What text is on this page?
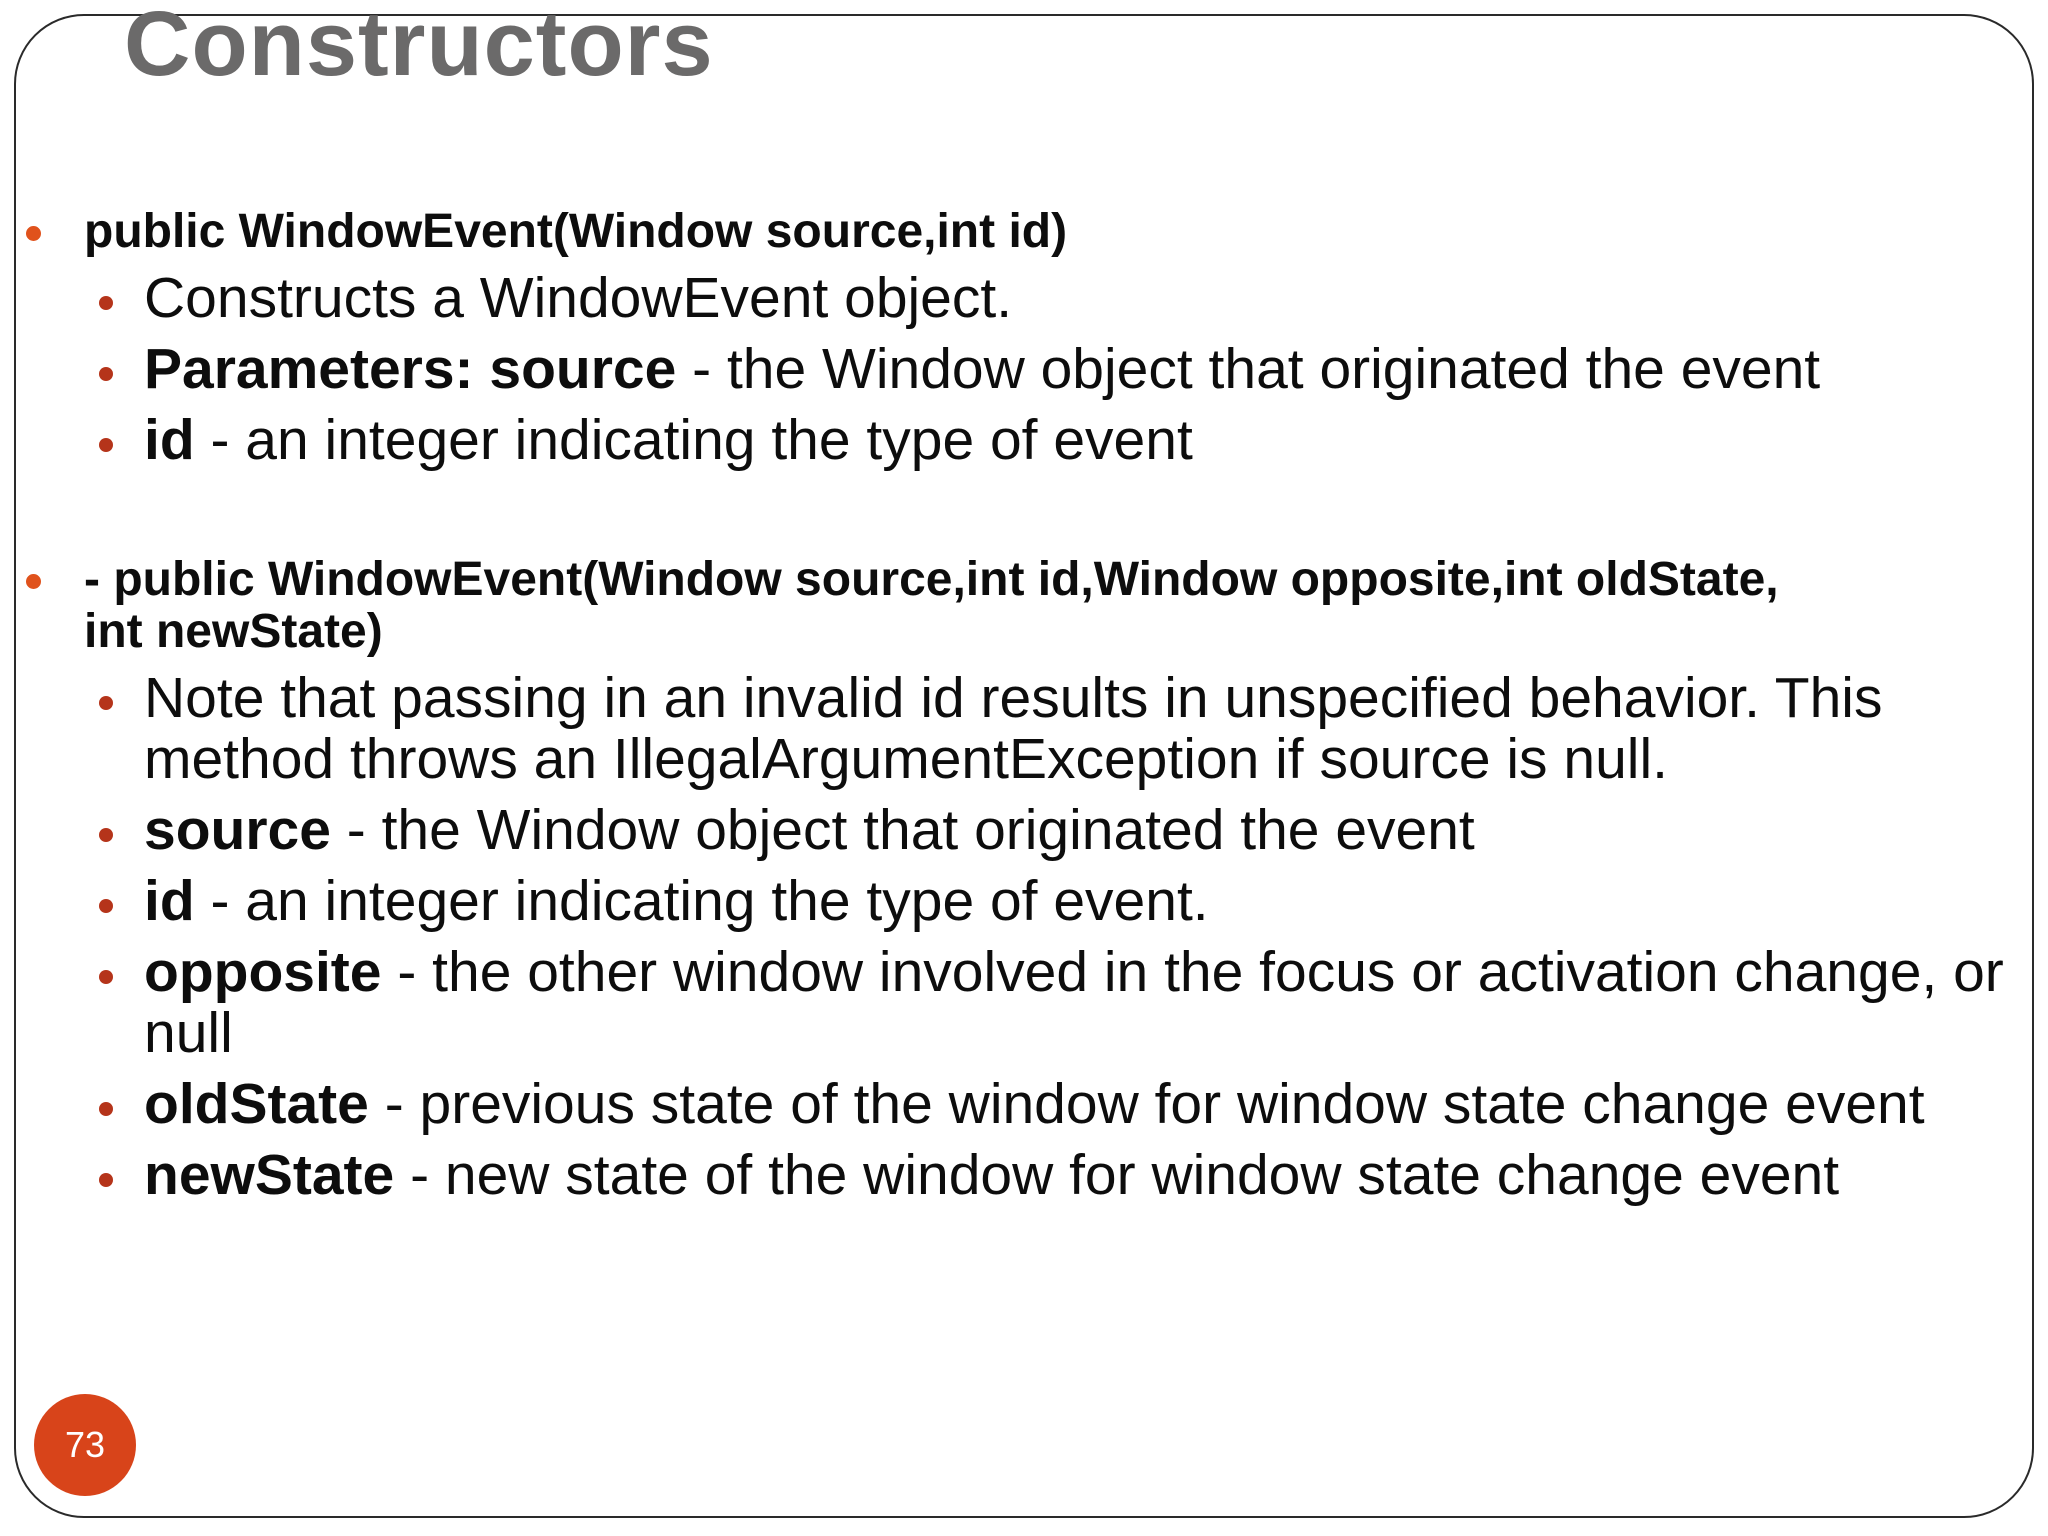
Constructors
public WindowEvent(Window source,int id)
Constructs a WindowEvent object.
Parameters: source - the Window object that originated the event
id - an integer indicating the type of event
- public WindowEvent(Window source,int id,Window opposite,int oldState,
int newState)
Note that passing in an invalid id results in unspecified behavior. This method throws an IllegalArgumentException if source is null.
source - the Window object that originated the event
id - an integer indicating the type of event.
opposite - the other window involved in the focus or activation change, or null
oldState - previous state of the window for window state change event
newState - new state of the window for window state change event
73
